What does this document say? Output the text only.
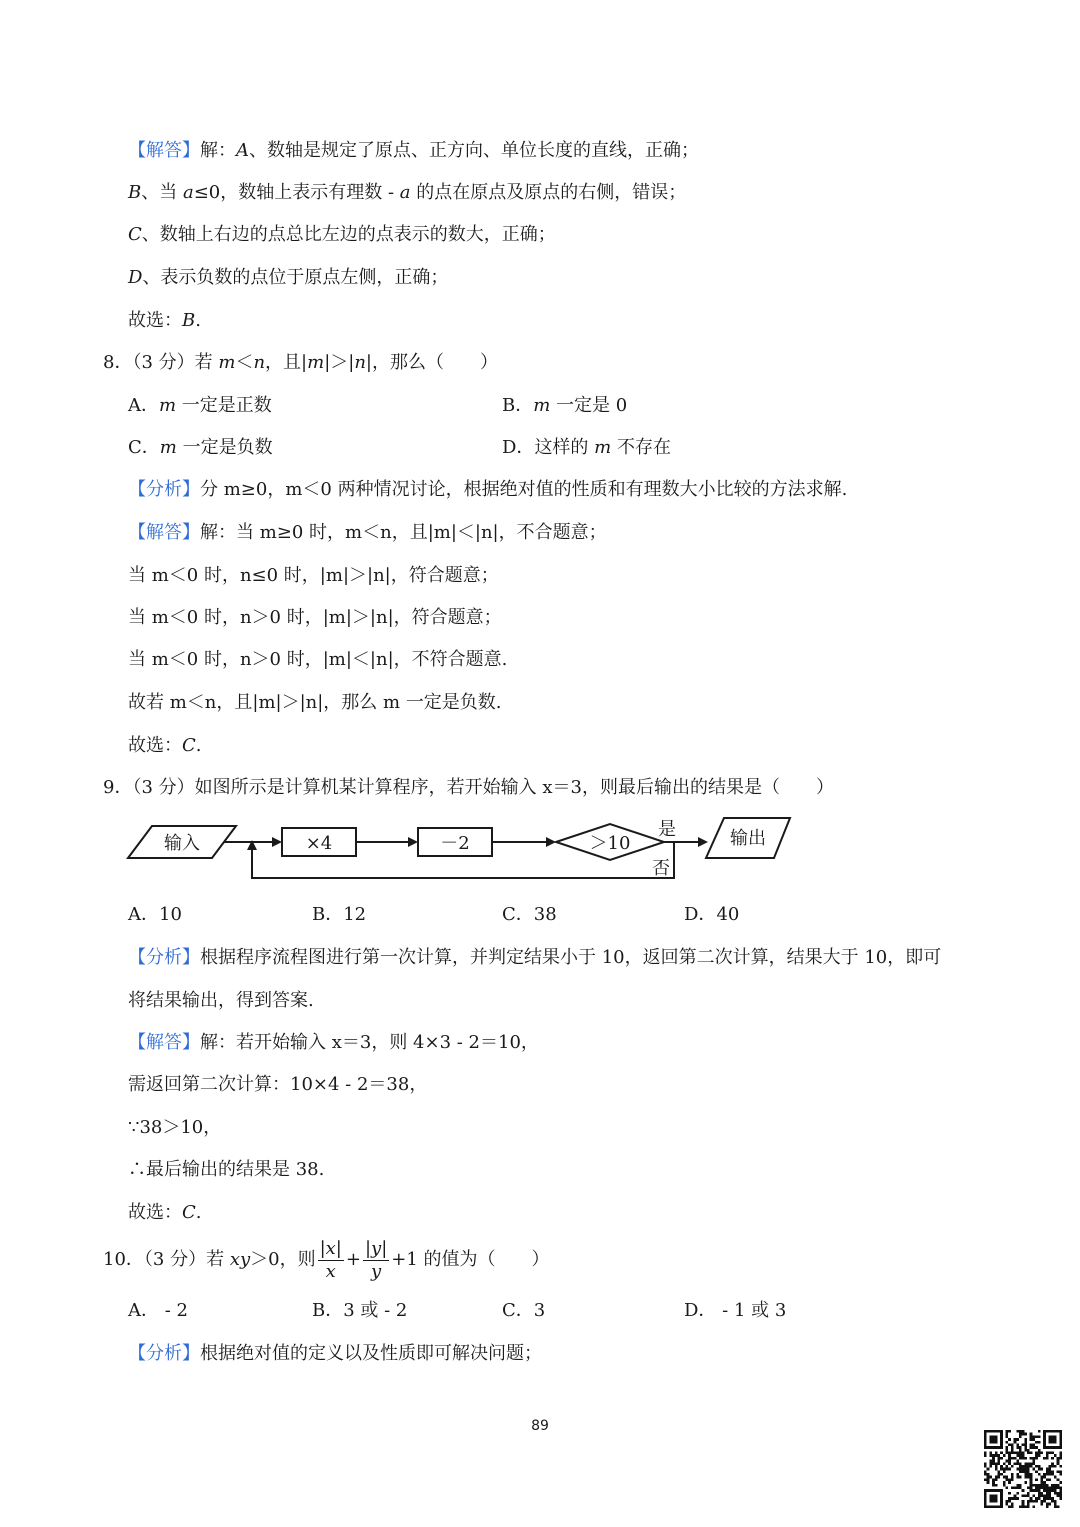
【解答】解：A、数轴是规定了原点、正方向、单位长度的直线，正确；
B、当 a≤0，数轴上表示有理数 - a 的点在原点及原点的右侧，错误；
C、数轴上右边的点总比左边的点表示的数大，正确；
D、表示负数的点位于原点左侧，正确；
故选：B.
8．（3 分）若 m＜n，且|m|＞|n|，那么（　　）
A．m 一定是正数	B．m 一定是 0
C．m 一定是负数	D．这样的 m 不存在
【分析】分 m≥0，m＜0 两种情况讨论，根据绝对值的性质和有理数大小比较的方法求解.
【解答】解：当 m≥0 时，m＜n，且|m|＜|n|，不合题意；
当 m＜0 时，n≤0 时，|m|＞|n|，符合题意；
当 m＜0 时，n＞0 时，|m|＞|n|，符合题意；
当 m＜0 时，n＞0 时，|m|＜|n|，不符合题意.
故若 m＜n，且|m|＞|n|，那么 m 一定是负数.
故选：C.
9．（3 分）如图所示是计算机某计算程序，若开始输入 x＝3，则最后输出的结果是（　　）
输入	×4	－2	＞10
是
否
输出
A．10	B．12	C．38	D．40
【分析】根据程序流程图进行第一次计算，并判定结果小于 10，返回第二次计算，结果大于 10，即可
将结果输出，得到答案.
【解答】解：若开始输入 x＝3，则 4×3 - 2＝10，
需返回第二次计算：10×4 - 2＝38，
∵38＞10，
∴最后输出的结果是 38.
故选：C.
10．（3 分）若 xy＞0，则 $\frac{|x|}{x} + \frac{|y|}{y} +1$ 的值为（　　）
A． - 2	B．3 或 - 2	C．3	D． - 1 或 3
【分析】根据绝对值的定义以及性质即可解决问题；
89
